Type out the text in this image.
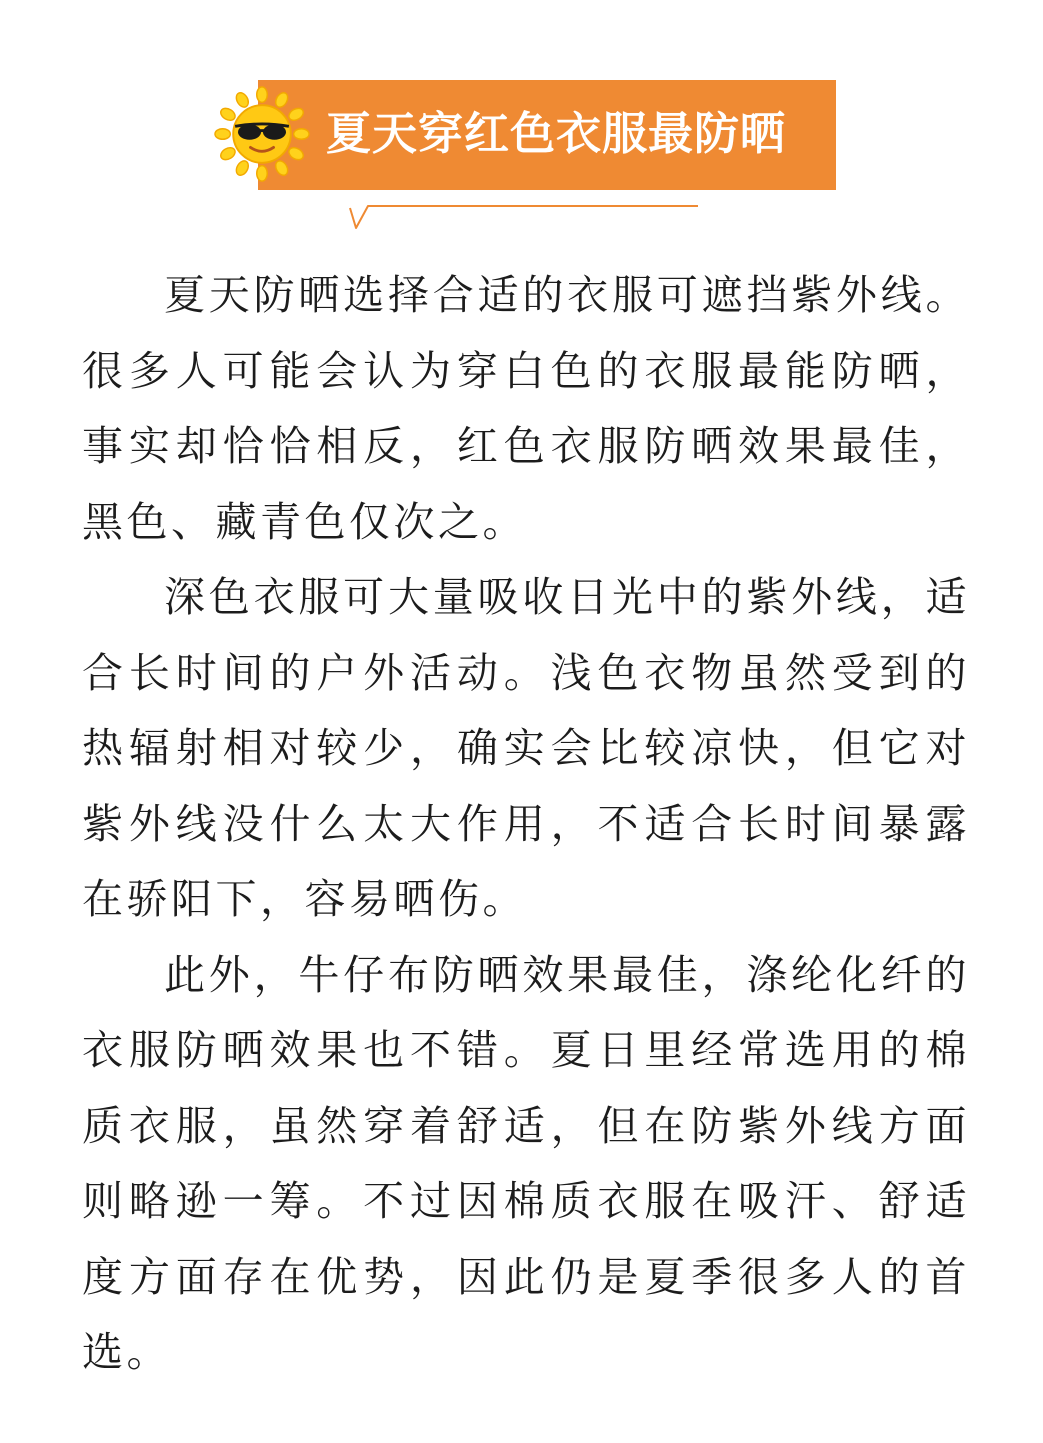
夏天穿红色衣服最防晒

夏天防晒选择合适的衣服可遮挡紫外线。很多人可能会认为穿白色的衣服最能防晒，事实却恰恰相反，红色衣服防晒效果最佳，黑色、藏青色仅次之。

深色衣服可大量吸收日光中的紫外线，适合长时间的户外活动。浅色衣物虽然受到的热辐射相对较少，确实会比较凉快，但它对紫外线没什么太大作用，不适合长时间暴露在骄阳下，容易晒伤。

此外，牛仔布防晒效果最佳，涤纶化纤的衣服防晒效果也不错。夏日里经常选用的棉质衣服，虽然穿着舒适，但在防紫外线方面则略逊一筹。不过因棉质衣服在吸汗、舒适度方面存在优势，因此仍是夏季很多人的首选。
